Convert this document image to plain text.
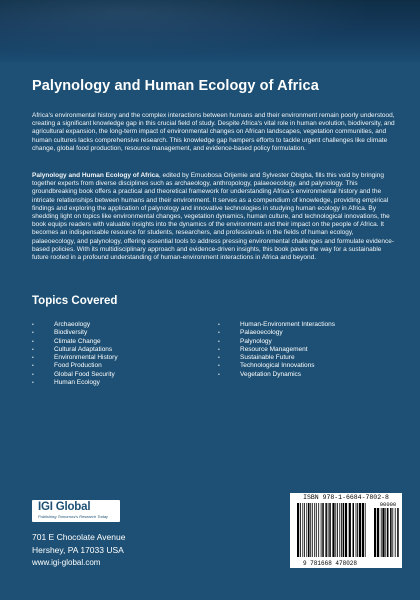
Palynology and Human Ecology of Africa

Africa's environmental history and the complex interactions between humans and their environment remain poorly understood, creating a significant knowledge gap in this crucial field of study. Despite Africa's vital role in human evolution, biodiversity, and agricultural expansion, the long-term impact of environmental changes on African landscapes, vegetation communities, and human cultures lacks comprehensive research. This knowledge gap hampers efforts to tackle urgent challenges like climate change, global food production, resource management, and evidence-based policy formulation.

Palynology and Human Ecology of Africa, edited by Emuobosa Orijemie and Sylvester Obigba, fills this void by bringing together experts from diverse disciplines such as archaeology, anthropology, palaeoecology, and palynology. This groundbreaking book offers a practical and theoretical framework for understanding Africa's environmental history and the intricate relationships between humans and their environment. It serves as a compendium of knowledge, providing empirical findings and exploring the application of palynology and innovative technologies in studying human ecology in Africa. By shedding light on topics like environmental changes, vegetation dynamics, human culture, and technological innovations, the book equips readers with valuable insights into the dynamics of the environment and their impact on the people of Africa. It becomes an indispensable resource for students, researchers, and professionals in the fields of human ecology, palaeoecology, and palynology, offering essential tools to address pressing environmental challenges and formulate evidence-based policies. With its multidisciplinary approach and evidence-driven insights, this book paves the way for a sustainable future rooted in a profound understanding of human-environment interactions in Africa and beyond.

Topics Covered
• Archaeology
• Biodiversity
• Climate Change
• Cultural Adaptations
• Environmental History
• Food Production
• Global Food Security
• Human Ecology
• Human-Environment Interactions
• Palaeoecology
• Palynology
• Resource Management
• Sustainable Future
• Technological Innovations
• Vegetation Dynamics
IGI Global
Publishing Tomorrow's Research Today
701 E Chocolate Avenue
Hershey, PA 17033 USA
www.igi-global.com
ISBN 978-1-6684-7802-8
90000
9 781668 478028
